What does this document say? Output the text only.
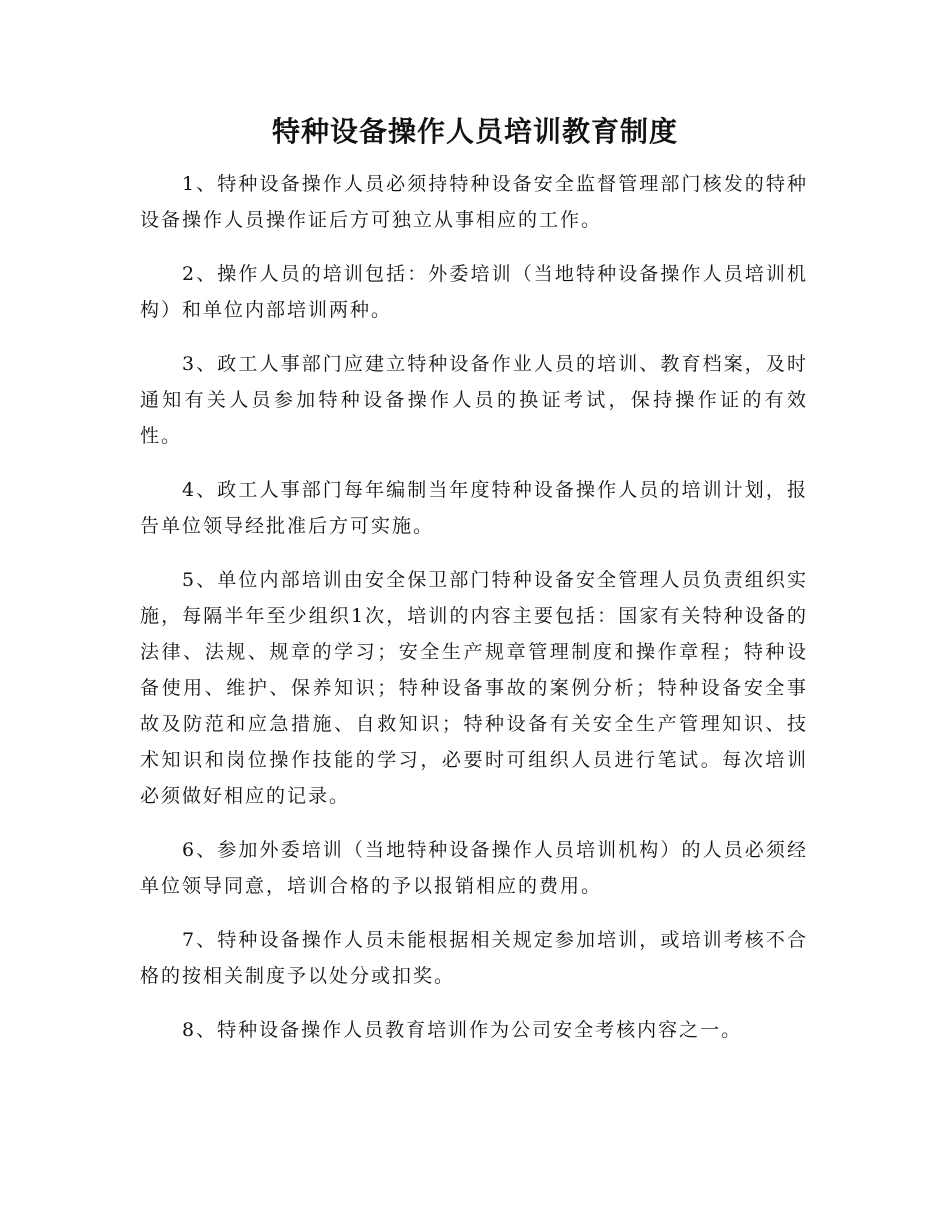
特种设备操作人员培训教育制度

1、特种设备操作人员必须持特种设备安全监督管理部门核发的特种设备操作人员操作证后方可独立从事相应的工作。

2、操作人员的培训包括：外委培训（当地特种设备操作人员培训机构）和单位内部培训两种。

3、政工人事部门应建立特种设备作业人员的培训、教育档案，及时通知有关人员参加特种设备操作人员的换证考试，保持操作证的有效性。

4、政工人事部门每年编制当年度特种设备操作人员的培训计划，报告单位领导经批准后方可实施。

5、单位内部培训由安全保卫部门特种设备安全管理人员负责组织实施，每隔半年至少组织1次，培训的内容主要包括：国家有关特种设备的法律、法规、规章的学习；安全生产规章管理制度和操作章程；特种设备使用、维护、保养知识；特种设备事故的案例分析；特种设备安全事故及防范和应急措施、自救知识；特种设备有关安全生产管理知识、技术知识和岗位操作技能的学习，必要时可组织人员进行笔试。每次培训必须做好相应的记录。

6、参加外委培训（当地特种设备操作人员培训机构）的人员必须经单位领导同意，培训合格的予以报销相应的费用。

7、特种设备操作人员未能根据相关规定参加培训，或培训考核不合格的按相关制度予以处分或扣奖。

8、特种设备操作人员教育培训作为公司安全考核内容之一。
